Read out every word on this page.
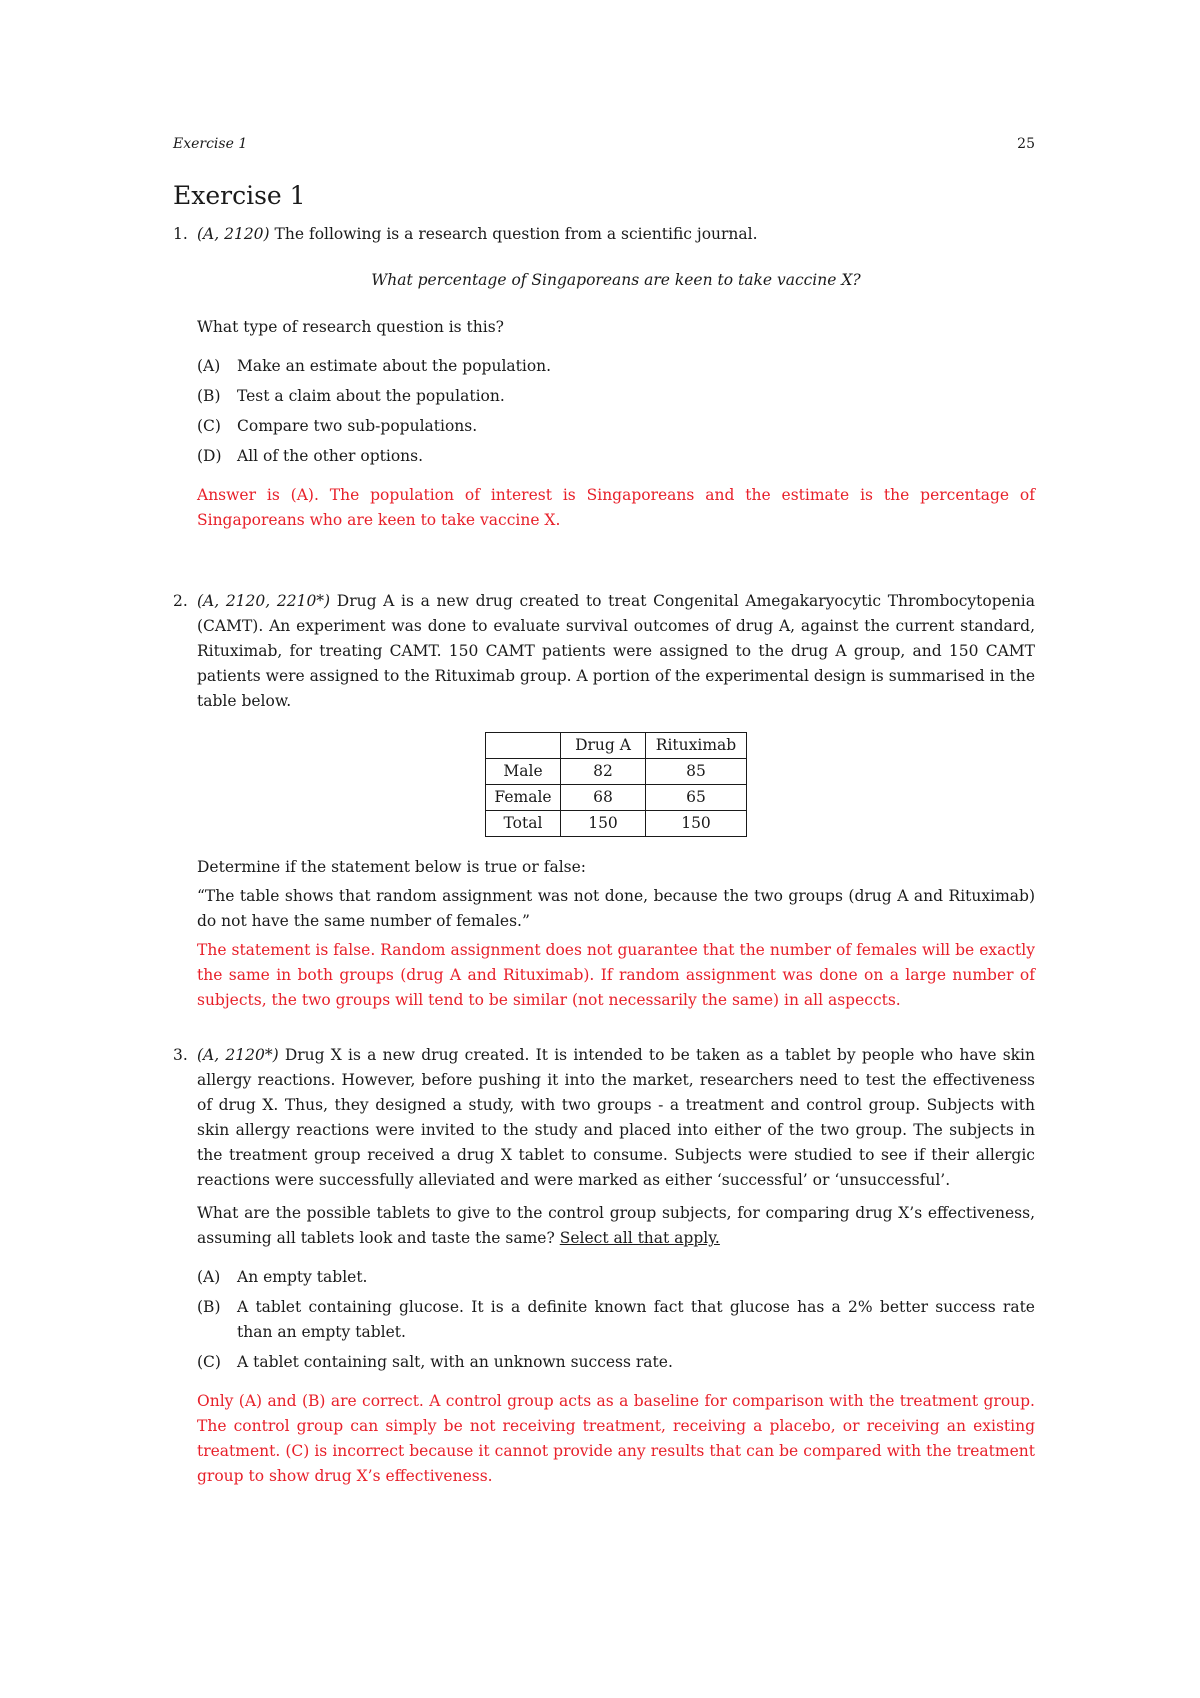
Exercise 1	25
Exercise 1
1. (A, 2120) The following is a research question from a scientific journal.

What percentage of Singaporeans are keen to take vaccine X?

What type of research question is this?

(A) Make an estimate about the population.
(B) Test a claim about the population.
(C) Compare two sub-populations.
(D) All of the other options.

Answer is (A). The population of interest is Singaporeans and the estimate is the percentage of Singaporeans who are keen to take vaccine X.

2. (A, 2120, 2210*) Drug A is a new drug created to treat Congenital Amegakaryocytic Thrombocytopenia (CAMT). An experiment was done to evaluate survival outcomes of drug A, against the current standard, Rituximab, for treating CAMT. 150 CAMT patients were assigned to the drug A group, and 150 CAMT patients were assigned to the Rituximab group. A portion of the experimental design is summarised in the table below.

	Drug A	Rituximab
Male	82	85
Female	68	65
Total	150	150

Determine if the statement below is true or false:

“The table shows that random assignment was not done, because the two groups (drug A and Rituximab) do not have the same number of females.”

The statement is false. Random assignment does not guarantee that the number of females will be exactly the same in both groups (drug A and Rituximab). If random assignment was done on a large number of subjects, the two groups will tend to be similar (not necessarily the same) in all aspeccts.

3. (A, 2120*) Drug X is a new drug created. It is intended to be taken as a tablet by people who have skin allergy reactions. However, before pushing it into the market, researchers need to test the effectiveness of drug X. Thus, they designed a study, with two groups - a treatment and control group. Subjects with skin allergy reactions were invited to the study and placed into either of the two group. The subjects in the treatment group received a drug X tablet to consume. Subjects were studied to see if their allergic reactions were successfully alleviated and were marked as either ‘successful’ or ‘unsuccessful’.

What are the possible tablets to give to the control group subjects, for comparing drug X’s effectiveness, assuming all tablets look and taste the same? Select all that apply.

(A) An empty tablet.
(B) A tablet containing glucose. It is a definite known fact that glucose has a 2% better success rate than an empty tablet.
(C) A tablet containing salt, with an unknown success rate.

Only (A) and (B) are correct. A control group acts as a baseline for comparison with the treatment group. The control group can simply be not receiving treatment, receiving a placebo, or receiving an existing treatment. (C) is incorrect because it cannot provide any results that can be compared with the treatment group to show drug X’s effectiveness.
